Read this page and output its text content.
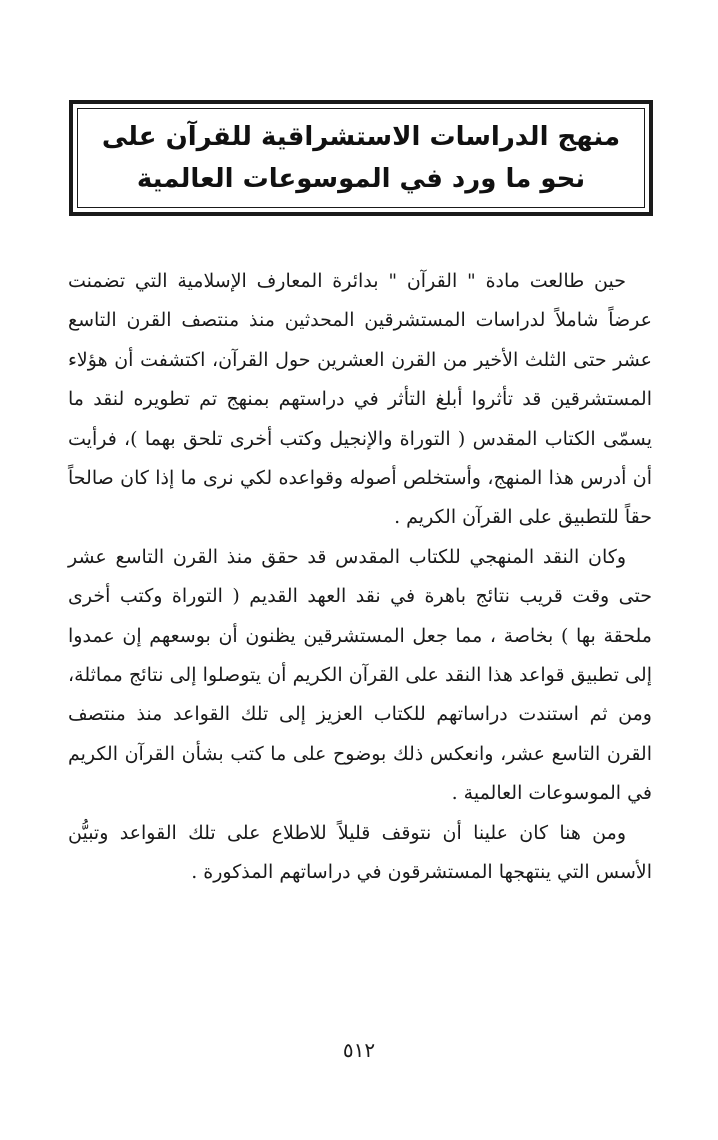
منهج الدراسات الاستشراقية للقرآن على
نحو ما ورد في الموسوعات العالمية

حين طالعت مادة " القرآن " بدائرة المعارف الإسلامية التي تضمنت عرضاً شاملاً لدراسات المستشرقين المحدثين منذ منتصف القرن التاسع عشر حتى الثلث الأخير من القرن العشرين حول القرآن، اكتشفت أن هؤلاء المستشرقين قد تأثروا أبلغ التأثر في دراستهم بمنهج تم تطويره لنقد ما يسمّى الكتاب المقدس ( التوراة والإنجيل وكتب أخرى تلحق بهما )، فرأيت أن أدرس هذا المنهج، وأستخلص أصوله وقواعده لكي نرى ما إذا كان صالحاً حقاً للتطبيق على القرآن الكريم .

وكان النقد المنهجي للكتاب المقدس قد حقق منذ القرن التاسع عشر حتى وقت قريب نتائج باهرة في نقد العهد القديم ( التوراة وكتب أخرى ملحقة بها ) بخاصة ، مما جعل المستشرقين يظنون أن بوسعهم إن عمدوا إلى تطبيق قواعد هذا النقد على القرآن الكريم أن يتوصلوا إلى نتائج مماثلة، ومن ثم استندت دراساتهم للكتاب العزيز إلى تلك القواعد منذ منتصف القرن التاسع عشر، وانعكس ذلك بوضوح على ما كتب بشأن القرآن الكريم في الموسوعات العالمية .

ومن هنا كان علينا أن نتوقف قليلاً للاطلاع على تلك القواعد وتبيُّن الأسس التي ينتهجها المستشرقون في دراساتهم المذكورة .

٥١٢
